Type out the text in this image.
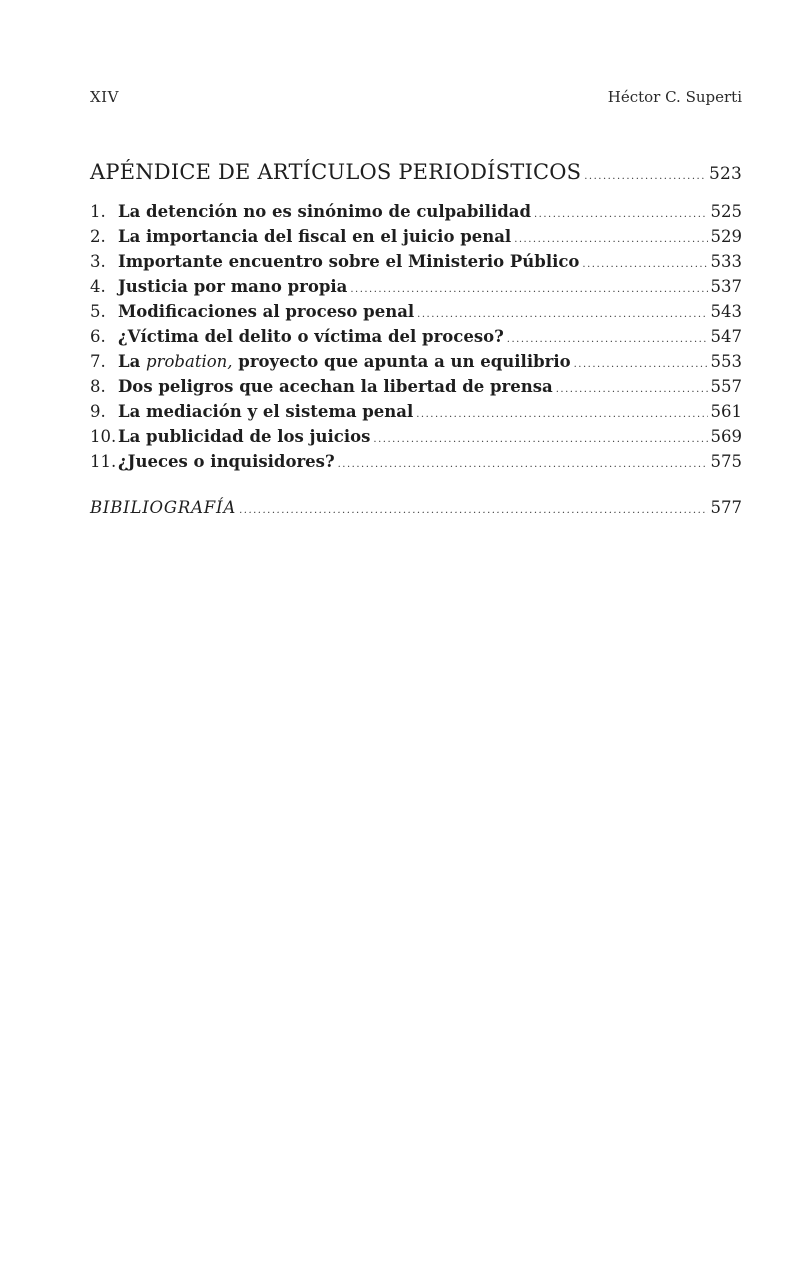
XIV	Héctor C. Superti
APÉNDICE DE ARTÍCULOS PERIODÍSTICOS .....	523
1. La detención no es sinónimo de culpabilidad .....	525
2. La importancia del fiscal en el juicio penal .....	529
3. Importante encuentro sobre el Ministerio Público .....	533
4. Justicia por mano propia .....	537
5. Modificaciones al proceso penal .....	543
6. ¿Víctima del delito o víctima del proceso? .....	547
7. La probation, proyecto que apunta a un equilibrio .....	553
8. Dos peligros que acechan la libertad de prensa .....	557
9. La mediación y el sistema penal .....	561
10. La publicidad de los juicios .....	569
11. ¿Jueces o inquisidores? .....	575
BIBILIOGRAFÍA .....	577
